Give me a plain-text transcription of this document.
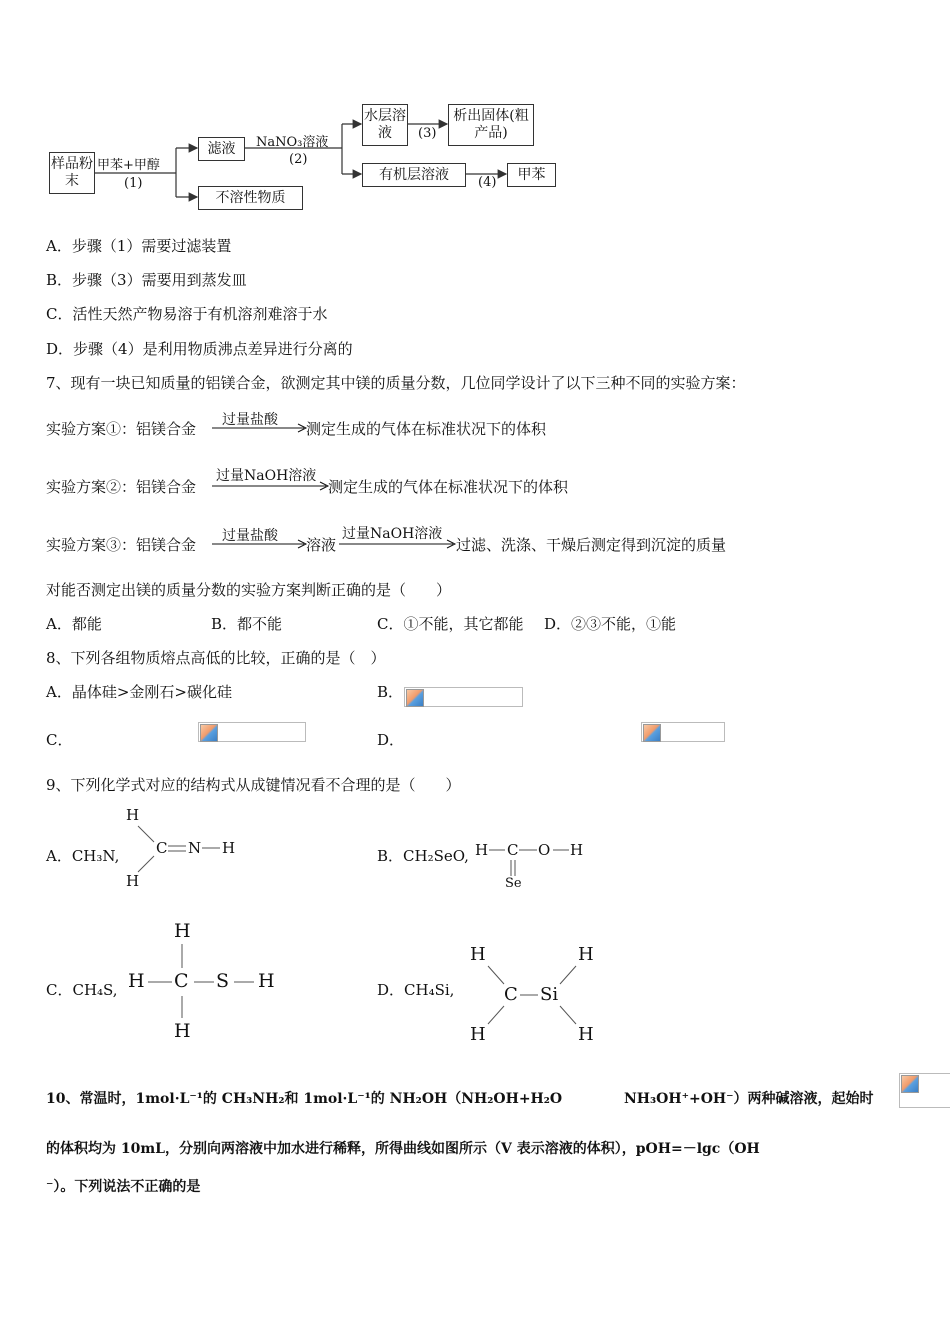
样品粉末
甲苯+甲醇
(1)
滤液
不溶性物质
NaNO₃溶液
(2)
水层溶液	(3)
析出固体(粗产品)
有机层溶液	(4)	甲苯
A．步骤（1）需要过滤装置
B．步骤（3）需要用到蒸发皿
C．活性天然产物易溶于有机溶剂难溶于水
D．步骤（4）是利用物质沸点差异进行分离的
7、现有一块已知质量的铝镁合金，欲测定其中镁的质量分数，几位同学设计了以下三种不同的实验方案：
实验方案①：铝镁合金 过量盐酸 测定生成的气体在标准状况下的体积
实验方案②：铝镁合金
过量NaOH溶液
测定生成的气体在标准状况下的体积
实验方案③：铝镁合金 过量盐酸 溶液
过量NaOH溶液
过滤、洗涤、干燥后测定得到沉淀的质量
对能否测定出镁的质量分数的实验方案判断正确的是（　　）
A．都能	B．都不能	C．①不能，其它都能 D．②③不能，①能
8、下列各组物质熔点高低的比较，正确的是（　）
A．晶体硅>金刚石>碳化硅	B．

C．
	D．

9、下列化学式对应的结构式从成键情况看不合理的是（　　）
A．CH₃N,
H
H
C N H	B．CH₂SeO, H C O H
Se
C．CH₄S,
H
H C S H
H
D．CH₄Si,
H
H
C Si
H
H
10、常温时，1mol·L⁻¹的 CH₃NH₂和 1mol·L⁻¹的 NH₂OH（NH₂OH+H₂O	NH₃OH⁺+OH⁻）两种碱溶液，起始时
的体积均为 10mL，分别向两溶液中加水进行稀释，所得曲线如图所示（V 表示溶液的体积），pOH=－lgc（OH
⁻）。下列说法不正确的是
